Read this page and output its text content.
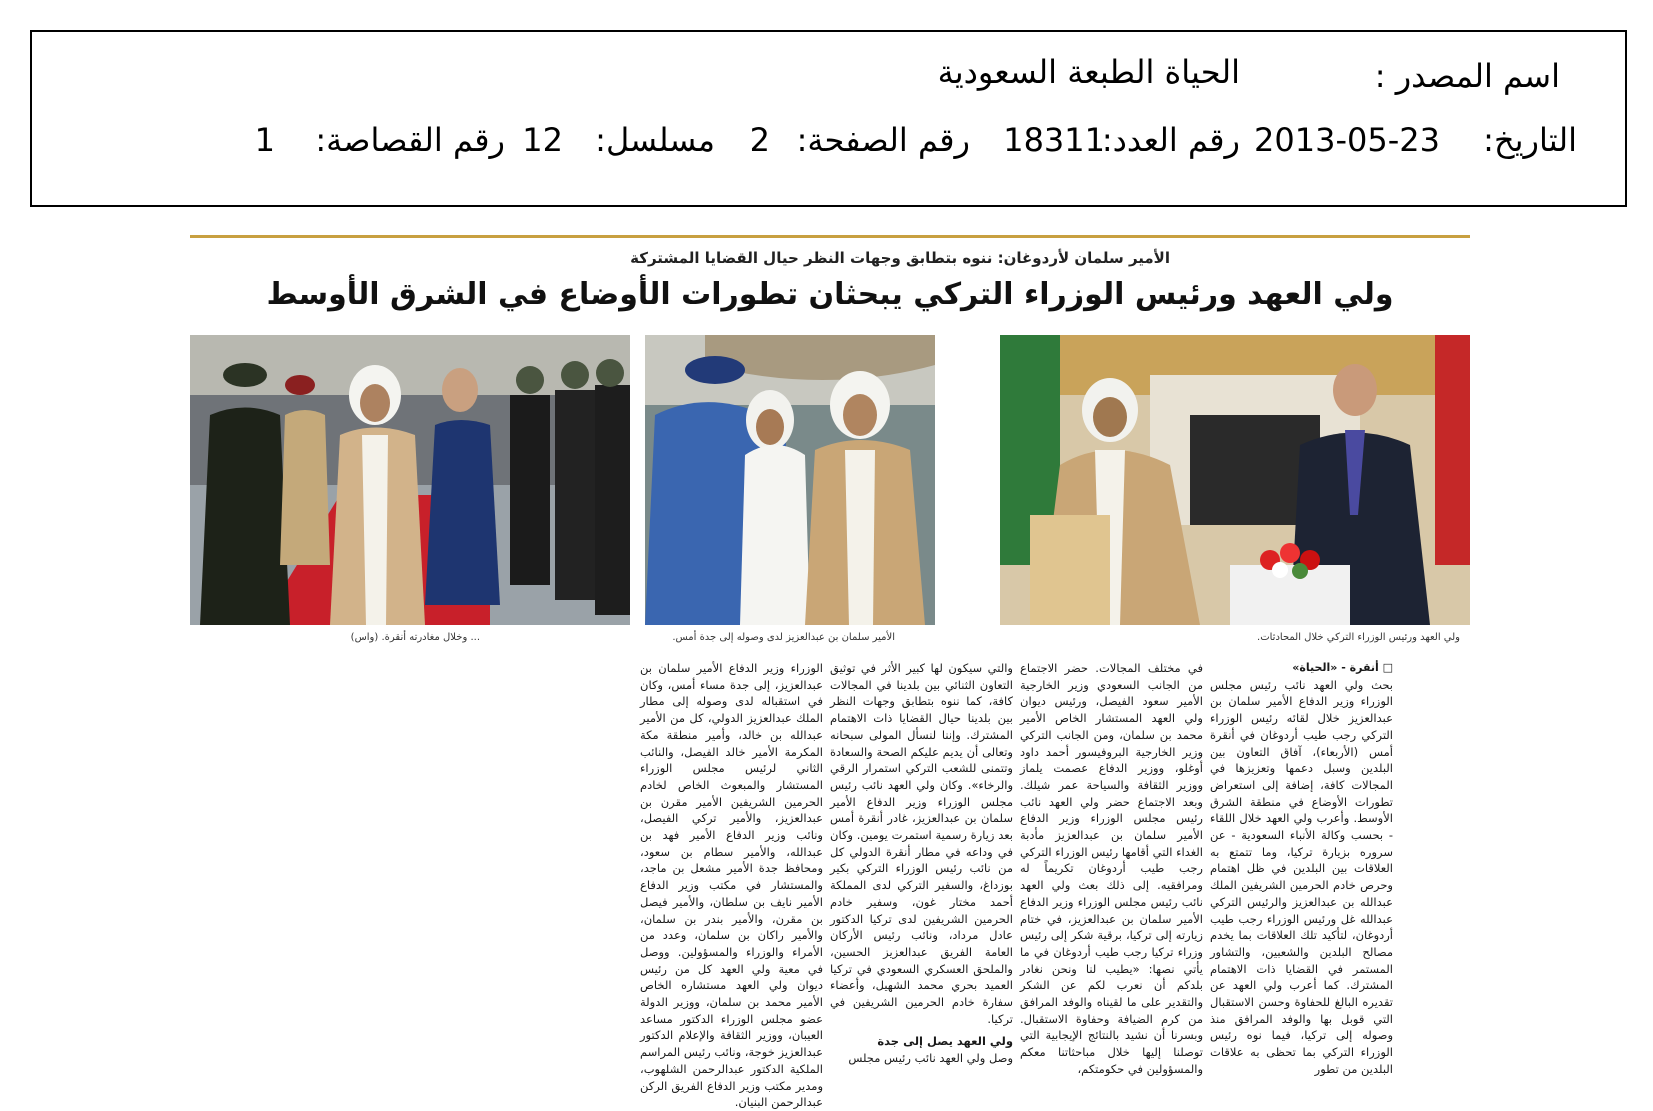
اسم المصدر :
الحياة الطبعة السعودية
التاريخ:
2013-05-23
رقم العدد:
18311
رقم الصفحة:
2
مسلسل:
12
رقم القصاصة:
1
الأمير سلمان لأردوغان: ننوه بتطابق وجهات النظر حيال القضايا المشتركة
ولي العهد ورئيس الوزراء التركي يبحثان تطورات الأوضاع في الشرق الأوسط
ولي العهد ورئيس الوزراء التركي خلال المحادثات.
الأمير سلمان بن عبدالعزيز لدى وصوله إلى جدة أمس.
... وخلال مغادرته أنقرة. (واس)

□ أنقرة - «الحياة»

بحث ولي العهد نائب رئيس مجلس الوزراء وزير الدفاع الأمير سلمان بن عبدالعزيز خلال لقائه رئيس الوزراء التركي رجب طيب أردوغان في أنقرة أمس (الأربعاء)، آفاق التعاون بين البلدين وسبل دعمها وتعزيزها في المجالات كافة، إضافة إلى استعراض تطورات الأوضاع في منطقة الشرق الأوسط. وأعرب ولي العهد خلال اللقاء - بحسب وكالة الأنباء السعودية - عن سروره بزيارة تركيا، وما تتمتع به العلاقات بين البلدين في ظل اهتمام وحرص خادم الحرمين الشريفين الملك عبدالله بن عبدالعزيز والرئيس التركي عبدالله غل ورئيس الوزراء رجب طيب أردوغان، لتأكيد تلك العلاقات بما يخدم مصالح البلدين والشعبين، والتشاور المستمر في القضايا ذات الاهتمام المشترك. كما أعرب ولي العهد عن تقديره البالغ للحفاوة وحسن الاستقبال التي قوبل بها والوفد المرافق منذ وصوله إلى تركيا، فيما نوه رئيس الوزراء التركي بما تحظى به علاقات البلدين من تطور

في مختلف المجالات. حضر الاجتماع من الجانب السعودي وزير الخارجية الأمير سعود الفيصل، ورئيس ديوان ولي العهد المستشار الخاص الأمير محمد بن سلمان، ومن الجانب التركي وزير الخارجية البروفيسور أحمد داود أوغلو، ووزير الدفاع عصمت يلماز ووزير الثقافة والسياحة عمر شيلك. وبعد الاجتماع حضر ولي العهد نائب رئيس مجلس الوزراء وزير الدفاع الأمير سلمان بن عبدالعزيز مأدبة الغداء التي أقامها رئيس الوزراء التركي رجب طيب أردوغان تكريماً له ومرافقيه. إلى ذلك بعث ولي العهد نائب رئيس مجلس الوزراء وزير الدفاع الأمير سلمان بن عبدالعزيز، في ختام زيارته إلى تركيا، برقية شكر إلى رئيس وزراء تركيا رجب طيب أردوغان في ما يأتي نصها: «يطيب لنا ونحن نغادر بلدكم أن نعرب لكم عن الشكر والتقدير على ما لقيناه والوفد المرافق من كرم الضيافة وحفاوة الاستقبال. وبسرنا أن نشيد بالنتائج الإيجابية التي توصلنا إليها خلال مباحثاتنا معكم والمسؤولين في حكومتكم،

والتي سيكون لها كبير الأثر في توثيق التعاون الثنائي بين بلدينا في المجالات كافة، كما ننوه بتطابق وجهات النظر بين بلدينا حيال القضايا ذات الاهتمام المشترك. وإننا لنسأل المولى سبحانه وتعالى أن يديم عليكم الصحة والسعادة وتتمنى للشعب التركي استمرار الرقي والرخاء». وكان ولي العهد نائب رئيس مجلس الوزراء وزير الدفاع الأمير سلمان بن عبدالعزيز، غادر أنقرة أمس بعد زيارة رسمية استمرت يومين. وكان في وداعه في مطار أنقرة الدولي كل من نائب رئيس الوزراء التركي بكير بوزداغ، والسفير التركي لدى المملكة أحمد مختار غون، وسفير خادم الحرمين الشريفين لدى تركيا الدكتور عادل مرداد، ونائب رئيس الأركان العامة الفريق عبدالعزيز الحسين، والملحق العسكري السعودي في تركيا العميد بحري محمد الشهيل، وأعضاء سفارة خادم الحرمين الشريفين في تركيا.

ولي العهد يصل إلى جدة

وصل ولي العهد نائب رئيس مجلس

الوزراء وزير الدفاع الأمير سلمان بن عبدالعزيز، إلى جدة مساء أمس، وكان في استقباله لدى وصوله إلى مطار الملك عبدالعزيز الدولي، كل من الأمير عبدالله بن خالد، وأمير منطقة مكة المكرمة الأمير خالد الفيصل، والنائب الثاني لرئيس مجلس الوزراء المستشار والمبعوث الخاص لخادم الحرمين الشريفين الأمير مقرن بن عبدالعزيز، والأمير تركي الفيصل، ونائب وزير الدفاع الأمير فهد بن عبدالله، والأمير سطام بن سعود، ومحافظ جدة الأمير مشعل بن ماجد، والمستشار في مكتب وزير الدفاع الأمير نايف بن سلطان، والأمير فيصل بن مقرن، والأمير بندر بن سلمان، والأمير راكان بن سلمان، وعدد من الأمراء والوزراء والمسؤولين. ووصل في معية ولي العهد كل من رئيس ديوان ولي العهد مستشاره الخاص الأمير محمد بن سلمان، ووزير الدولة عضو مجلس الوزراء الدكتور مساعد العيبان، ووزير الثقافة والإعلام الدكتور عبدالعزيز خوجة، ونائب رئيس المراسم الملكية الدكتور عبدالرحمن الشلهوب، ومدير مكتب وزير الدفاع الفريق الركن عبدالرحمن البنيان.
